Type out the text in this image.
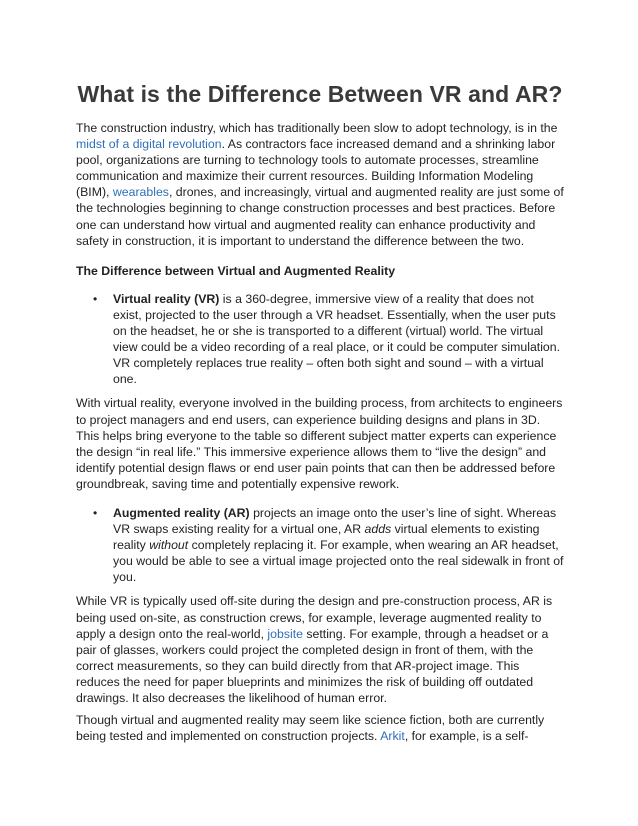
What is the Difference Between VR and AR?

The construction industry, which has traditionally been slow to adopt technology, is in the midst of a digital revolution. As contractors face increased demand and a shrinking labor pool, organizations are turning to technology tools to automate processes, streamline communication and maximize their current resources. Building Information Modeling (BIM), wearables, drones, and increasingly, virtual and augmented reality are just some of the technologies beginning to change construction processes and best practices. Before one can understand how virtual and augmented reality can enhance productivity and safety in construction, it is important to understand the difference between the two.

The Difference between Virtual and Augmented Reality

• Virtual reality (VR) is a 360-degree, immersive view of a reality that does not exist, projected to the user through a VR headset. Essentially, when the user puts on the headset, he or she is transported to a different (virtual) world. The virtual view could be a video recording of a real place, or it could be computer simulation. VR completely replaces true reality – often both sight and sound – with a virtual one.

With virtual reality, everyone involved in the building process, from architects to engineers to project managers and end users, can experience building designs and plans in 3D. This helps bring everyone to the table so different subject matter experts can experience the design “in real life.” This immersive experience allows them to “live the design” and identify potential design flaws or end user pain points that can then be addressed before groundbreak, saving time and potentially expensive rework.

• Augmented reality (AR) projects an image onto the user’s line of sight. Whereas VR swaps existing reality for a virtual one, AR adds virtual elements to existing reality without completely replacing it. For example, when wearing an AR headset, you would be able to see a virtual image projected onto the real sidewalk in front of you.

While VR is typically used off-site during the design and pre-construction process, AR is being used on-site, as construction crews, for example, leverage augmented reality to apply a design onto the real-world, jobsite setting. For example, through a headset or a pair of glasses, workers could project the completed design in front of them, with the correct measurements, so they can build directly from that AR-project image. This reduces the need for paper blueprints and minimizes the risk of building off outdated drawings. It also decreases the likelihood of human error.

Though virtual and augmented reality may seem like science fiction, both are currently being tested and implemented on construction projects. Arkit, for example, is a self-
